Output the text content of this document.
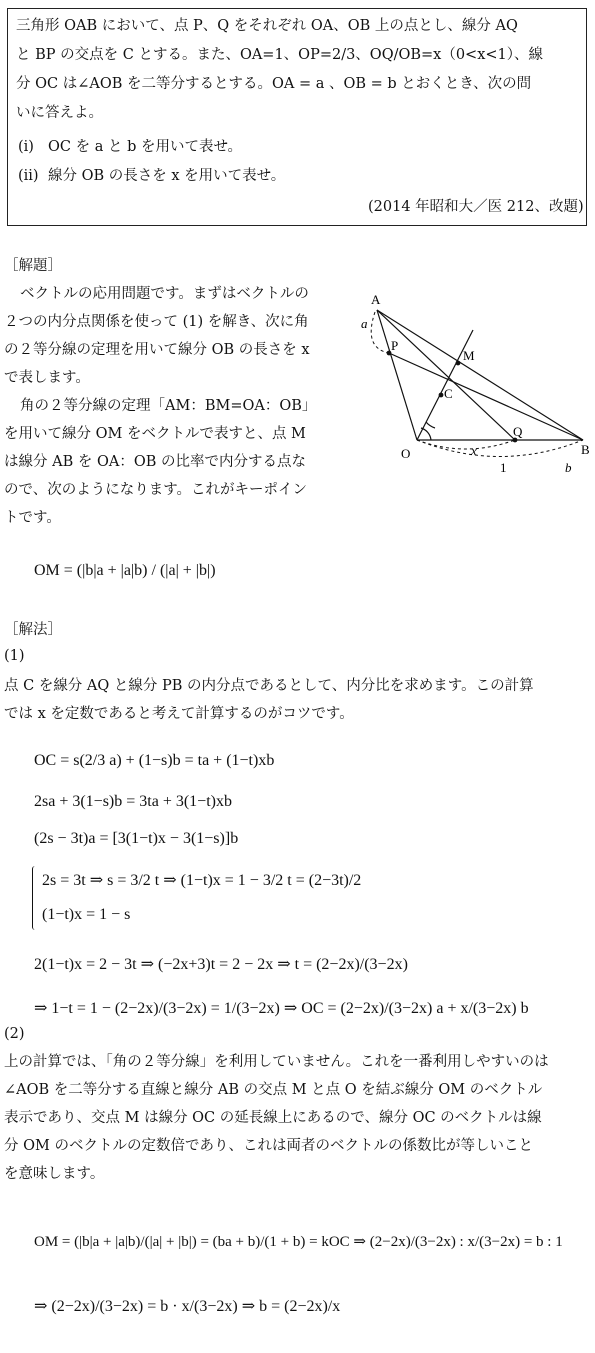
三角形 OAB において、点 P、Q をそれぞれ OA、OB 上の点とし、線分 AQ
と BP の交点を C とする。また、OA=1、OP=2/3、OQ/OB=x（0<x<1）、線
分 OC は∠AOB を二等分するとする。OA = a 、OB = b とおくとき、次の問
いに答えよ。
(i) OC を a と b を用いて表せ。
(ii) 線分 OB の長さを x を用いて表せ。
(2014 年昭和大／医 212、改題)
［解題］
ベクトルの応用問題です。まずはベクトルの
２つの内分点関係を使って (1) を解き、次に角
の２等分線の定理を用いて線分 OB の長さを x
で表します。
角の２等分線の定理「AM：BM=OA：OB」
を用いて線分 OM をベクトルで表すと、点 M
は線分 AB を OA：OB の比率で内分する点な
ので、次のようになります。これがキーポイン
トです。
A
a
P
M
C
O	x
Q
B
1	b
OM = (|b|a + |a|b) / (|a| + |b|)
［解法］
(1)
点 C を線分 AQ と線分 PB の内分点であるとして、内分比を求めます。この計算
では x を定数であると考えて計算するのがコツです。
OC = s(2/3 a) + (1−s)b = ta + (1−t)xb
2sa + 3(1−s)b = 3ta + 3(1−t)xb
(2s − 3t)a = [3(1−t)x − 3(1−s)]b
2s = 3t ⇒ s = 3/2 t ⇒ (1−t)x = 1 − 3/2 t = (2−3t)/2
(1−t)x = 1 − s
2(1−t)x = 2 − 3t ⇒ (−2x+3)t = 2 − 2x ⇒ t = (2−2x)/(3−2x)
⇒ 1−t = 1 − (2−2x)/(3−2x) = 1/(3−2x) ⇒ OC = (2−2x)/(3−2x) a + x/(3−2x) b
(2)
上の計算では、「角の２等分線」を利用していません。これを一番利用しやすいのは
∠AOB を二等分する直線と線分 AB の交点 M と点 O を結ぶ線分 OM のベクトル
表示であり、交点 M は線分 OC の延長線上にあるので、線分 OC のベクトルは線
分 OM のベクトルの定数倍であり、これは両者のベクトルの係数比が等しいこと
を意味します。
OM = (|b|a + |a|b)/(|a| + |b|) = (ba + b)/(1 + b) = kOC ⇒ (2−2x)/(3−2x) : x/(3−2x) = b : 1
⇒ (2−2x)/(3−2x) = b · x/(3−2x) ⇒ b = (2−2x)/x
